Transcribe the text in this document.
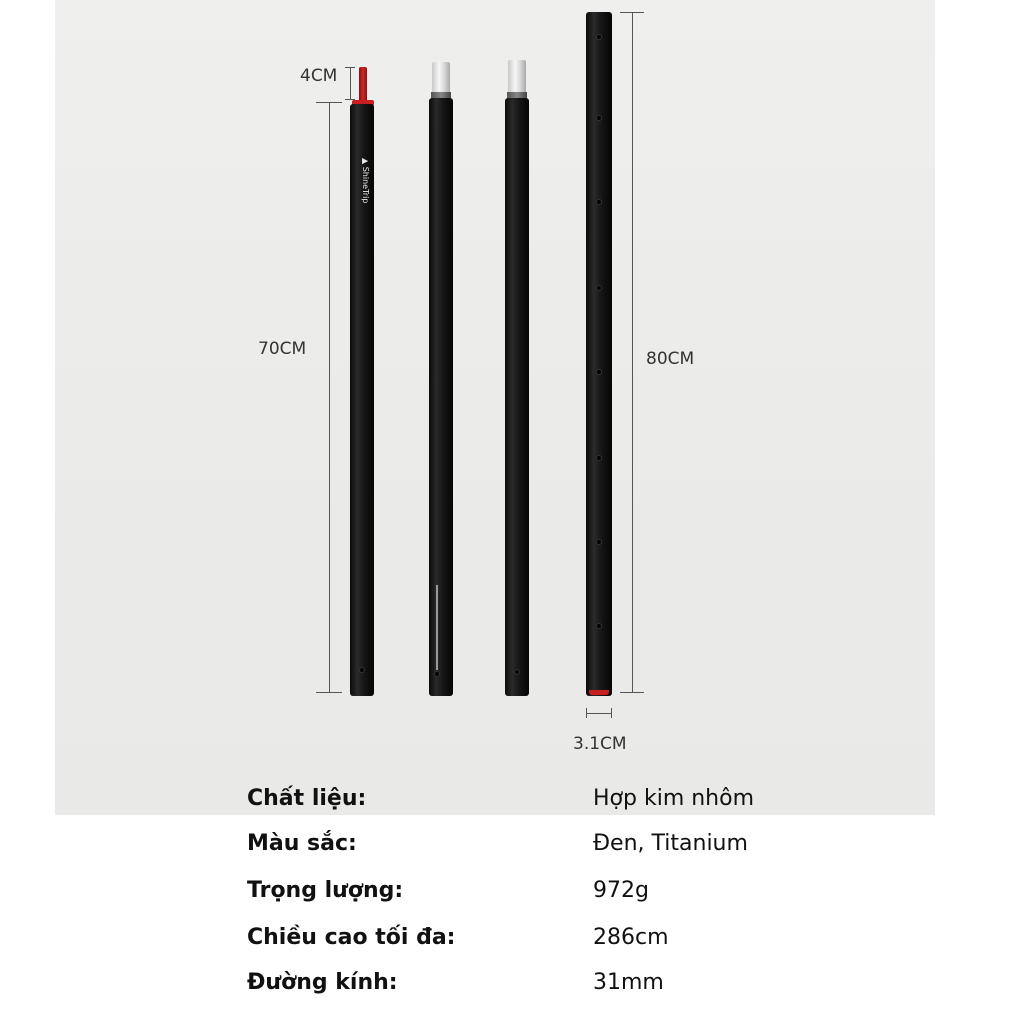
▲ ShineTrip
4CM
70CM	80CM
3.1CM
Chất liệu:	Hợp kim nhôm
Màu sắc:	Đen, Titanium
Trọng lượng:	972g
Chiều cao tối đa:	286cm
Đường kính:	31mm
